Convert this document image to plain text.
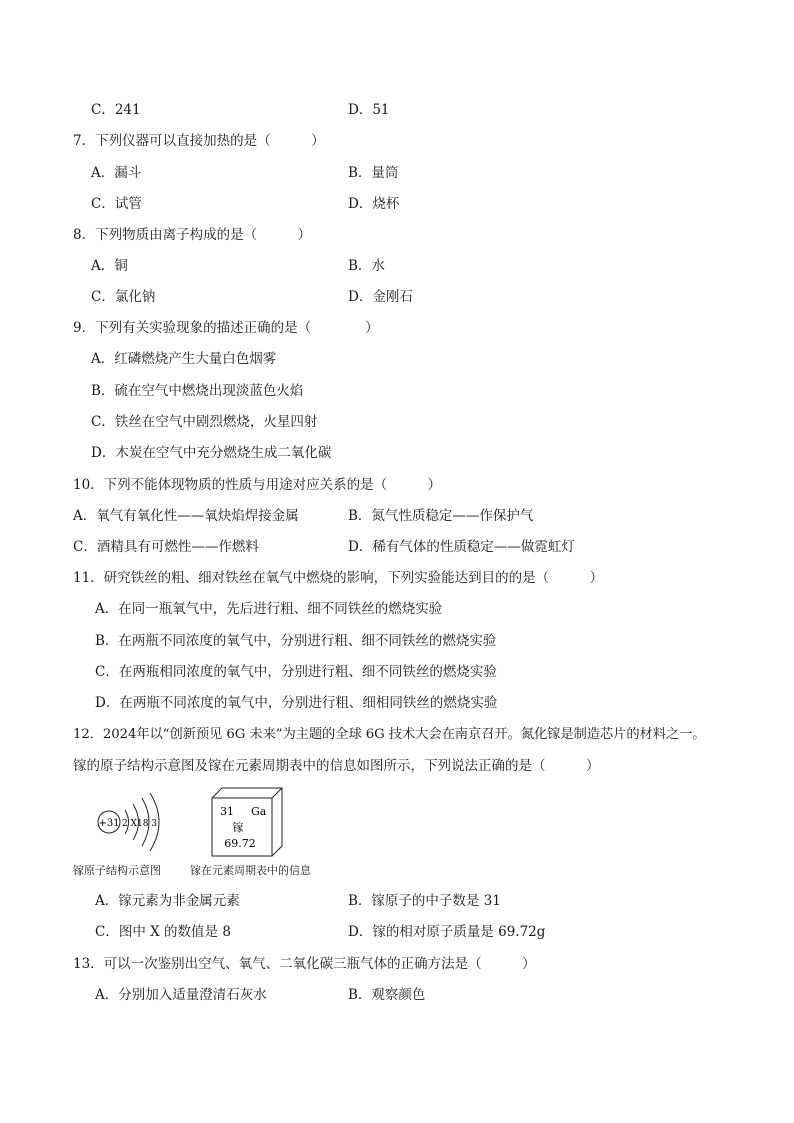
C．241	D．51
7．下列仪器可以直接加热的是（　　　）
A．漏斗	B．量筒
C．试管	D．烧杯
8．下列物质由离子构成的是（　　　）
A．铜	B．水
C．氯化钠	D．金刚石
9．下列有关实验现象的描述正确的是（　　　　）
A．红磷燃烧产生大量白色烟雾
B．硫在空气中燃烧出现淡蓝色火焰
C．铁丝在空气中剧烈燃烧，火星四射
D．木炭在空气中充分燃烧生成二氧化碳
10．下列不能体现物质的性质与用途对应关系的是（　　　）
A．氧气有氧化性——氧炔焰焊接金属	B．氮气性质稳定——作保护气
C．酒精具有可燃性——作燃料	D．稀有气体的性质稳定——做霓虹灯
11．研究铁丝的粗、细对铁丝在氧气中燃烧的影响，下列实验能达到目的的是（　　　）
A．在同一瓶氧气中，先后进行粗、细不同铁丝的燃烧实验
B．在两瓶不同浓度的氧气中，分别进行粗、细不同铁丝的燃烧实验
C．在两瓶相同浓度的氧气中，分别进行粗、细不同铁丝的燃烧实验
D．在两瓶不同浓度的氧气中，分别进行粗、细相同铁丝的燃烧实验
12．2024年以“创新预见 6G 未来”为主题的全球 6G 技术大会在南京召开。氮化镓是制造芯片的材料之一。
镓的原子结构示意图及镓在元素周期表中的信息如图所示，下列说法正确的是（　　　）
+31 2 X18 3
镓原子结构示意图
31 Ga
镓
69.72
镓在元素周期表中的信息
A．镓元素为非金属元素	B．镓原子的中子数是 31
C．图中 X 的数值是 8	D．镓的相对原子质量是 69.72g
13．可以一次鉴别出空气、氧气、二氧化碳三瓶气体的正确方法是（　　　）
A．分别加入适量澄清石灰水	B．观察颜色
